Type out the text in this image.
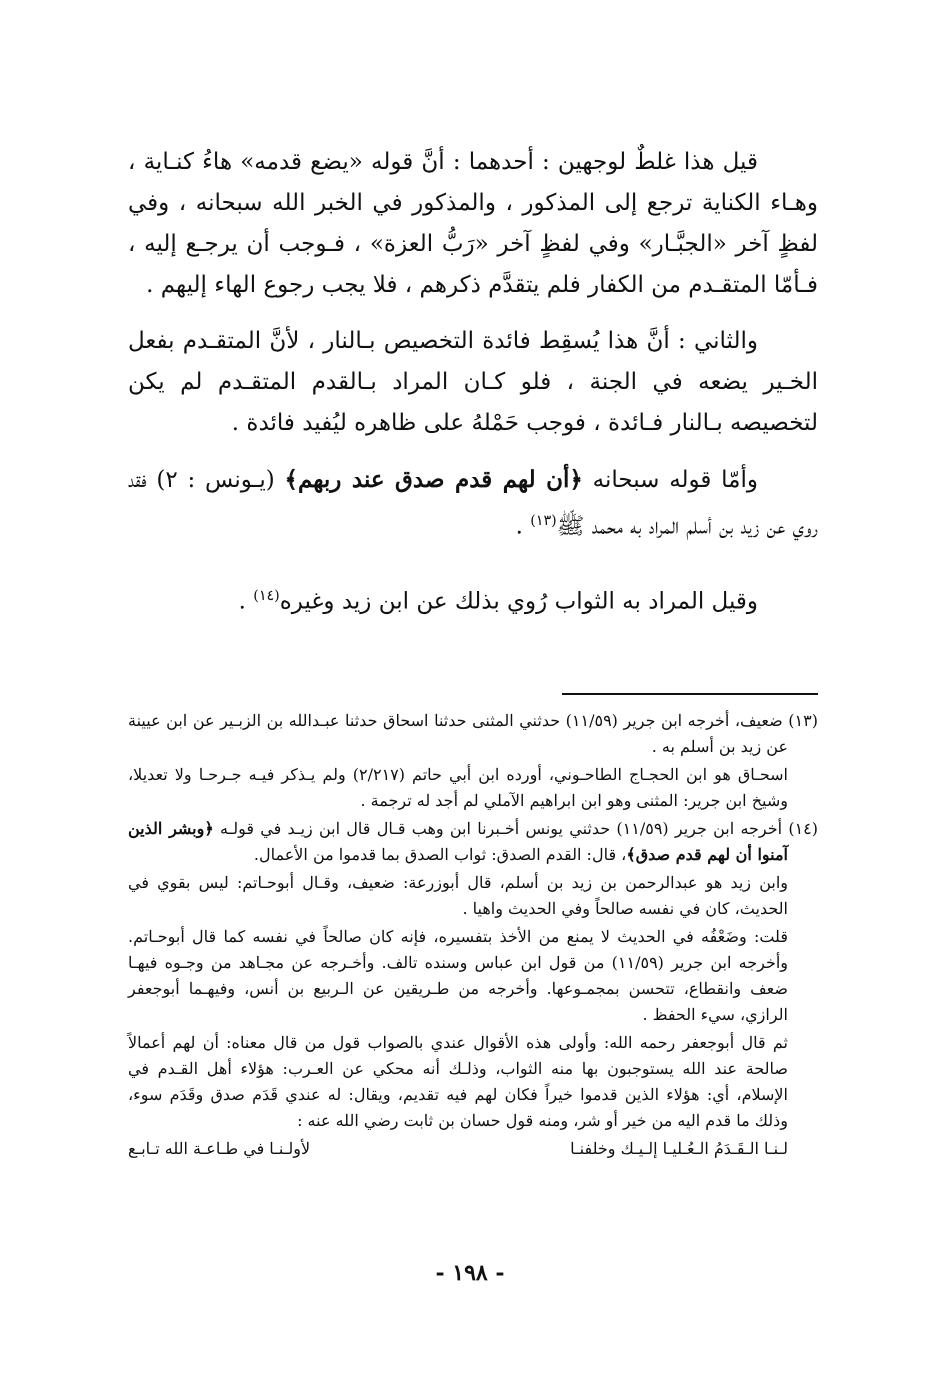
قيل هذا غلطٌ لوجهين : أحدهما : أنَّ قوله «يضع قدمه» هاءُ كنـاية ، وهـاء الكناية ترجع إلى المذكور ، والمذكور في الخبر الله سبحانه ، وفي لفظٍ آخر «الجبَّـار» وفي لفظٍ آخر «رَبُّ العزة» ، فـوجب أن يرجـع إليه ، فـأمّا المتقـدم من الكفار فلم يتقدَّم ذكرهم ، فلا يجب رجوع الهاء إليهم .

والثاني : أنَّ هذا يُسقِط فائدة التخصيص بـالنار ، لأنَّ المتقـدم بفعل الخـير يضعه في الجنة ، فلو كـان المراد بـالقدم المتقـدم لم يكن لتخصيصه بـالنار فـائدة ، فوجب حَمْلهُ على ظاهره ليُفيد فائدة .

وأمّا قوله سبحانه ﴿أن لهم قدم صدق عند ربهم﴾ (يـونس : ٢) فقد روي عن زيد بن أسلم المراد به محمد ﷺ$^{(١٣)}$ .

وقيل المراد به الثواب رُوي بذلك عن ابن زيد وغيره$^{(١٤)}$ .

(١٣) ضعيف، أخرجه ابن جرير (١١/٥٩) حدثني المثنى حدثنا اسحاق حدثنا عبـدالله بن الزبـير عن ابن عيينة عن زيد بن أسلم به .

اسحـاق هو ابن الحجـاج الطاحـوني، أورده ابن أبي حاتم (٢/٢١٧) ولم يـذكر فيـه جـرحـا ولا تعديلا، وشيخ ابن جرير: المثنى وهو ابن ابراهيم الآملي لم أجد له ترجمة .

(١٤) أخرجه ابن جرير (١١/٥٩) حدثني يونس أخـبرنا ابن وهب قـال قال ابن زيـد في قولـه ﴿وبشر الذين آمنوا أن لهم قدم صدق﴾، قال: القدم الصدق: ثواب الصدق بما قدموا من الأعمال.

وابن زيد هو عبدالرحمن بن زيد بن أسلم، قال أبوزرعة: ضعيف، وقـال أبوحـاتم: ليس بقوي في الحديث، كان في نفسه صالحاً وفي الحديث واهيا .

قلت: وضَعْفُه في الحديث لا يمنع من الأخذ بتفسيره، فإنه كان صالحاً في نفسه كما قال أبوحـاتم. وأخرجه ابن جرير (١١/٥٩) من قول ابن عباس وسنده تالف. وأخـرجه عن مجـاهد من وجـوه فيهـا ضعف وانقطاع، تتحسن بمجمـوعها. وأخرجه من طـريقين عن الـربيع بن أنس، وفيهـما أبوجعفر الرازي، سيء الحفظ .

ثم قال أبوجعفر رحمه الله: وأولى هذه الأقوال عندي بالصواب قول من قال معناه: أن لهم أعمالاً صالحة عند الله يستوجبون بها منه الثواب، وذلـك أنه محكي عن العـرب: هؤلاء أهل القـدم في الإسلام، أي: هؤلاء الذين قدموا خيراً فكان لهم فيه تقديم، ويقال: له عندي قَدَم صدق وقَدَم سوء، وذلك ما قدم اليه من خير أو شر، ومنه قول حسان بن ثابت رضي الله عنه :

لـنـا الـقَـدَمُ الـعُـليـا إلـيـك وخلفنـا
لأولـنـا في طـاعـة الله تـابـع
- ١٩٨ -
